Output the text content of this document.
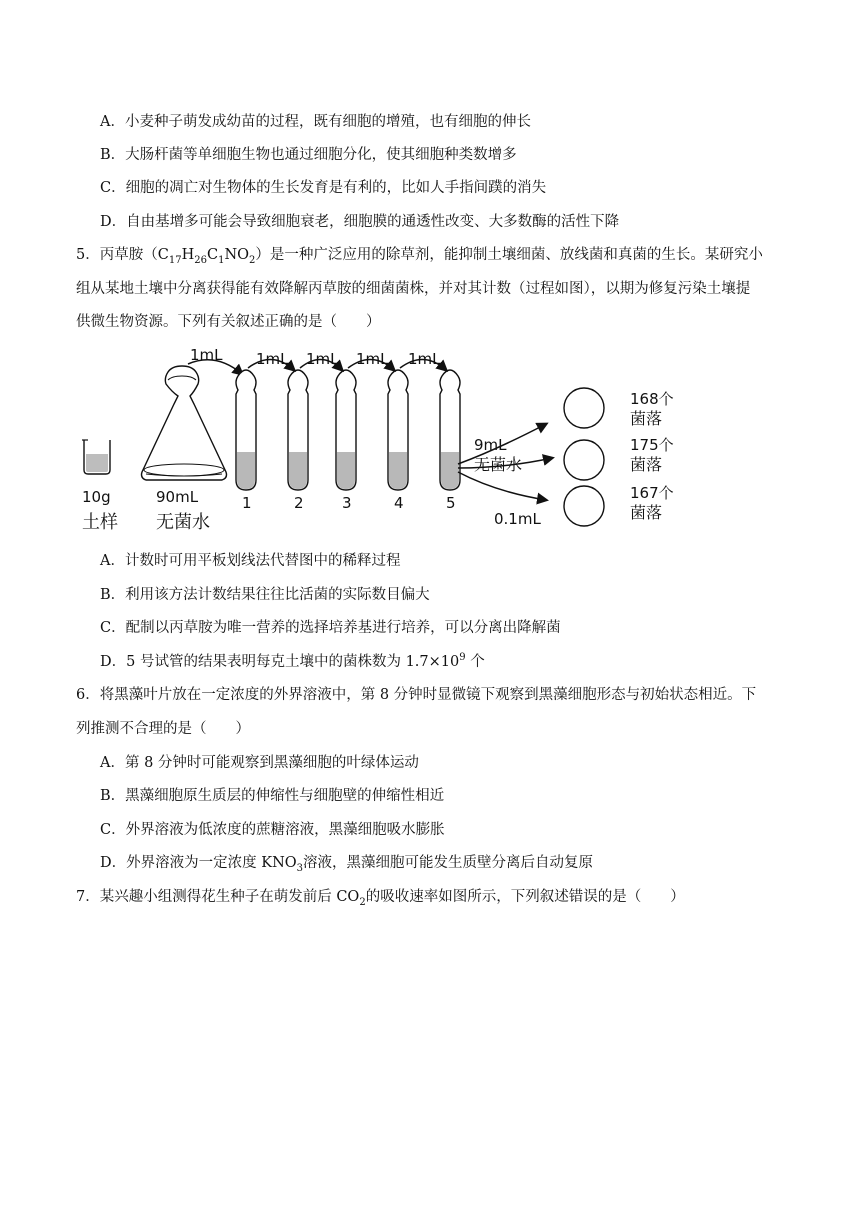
A．小麦种子萌发成幼苗的过程，既有细胞的增殖，也有细胞的伸长
B．大肠杆菌等单细胞生物也通过细胞分化，使其细胞种类数增多
C．细胞的凋亡对生物体的生长发育是有利的，比如人手指间蹼的消失
D．自由基增多可能会导致细胞衰老，细胞膜的通透性改变、大多数酶的活性下降
5．丙草胺$(C_{17}H_{26}C_1NO_2)$是一种广泛应用的除草剂，能抑制土壤细菌、放线菌和真菌的生长。某研究小
组从某地土壤中分离获得能有效降解丙草胺的细菌菌株，并对其计数（过程如图），以期为修复污染土壤提
供微生物资源。下列有关叙述正确的是（　　）
10g
土样
90mL
无菌水
1mL
9mL
无菌水
0.1mL
168个
菌落
175个
菌落
167个
菌落
1
1mL
2
1mL
3
1mL
4
1mL
5
A．计数时可用平板划线法代替图中的稀释过程
B．利用该方法计数结果往往比活菌的实际数目偏大
C．配制以丙草胺为唯一营养的选择培养基进行培养，可以分离出降解菌
D．5 号试管的结果表明每克土壤中的菌株数为 $1.7\times 10^9$ 个
6．将黑藻叶片放在一定浓度的外界溶液中，第 8 分钟时显微镜下观察到黑藻细胞形态与初始状态相近。下
列推测不合理的是（　　）
A．第 8 分钟时可能观察到黑藻细胞的叶绿体运动
B．黑藻细胞原生质层的伸缩性与细胞壁的伸缩性相近
C．外界溶液为低浓度的蔗糖溶液，黑藻细胞吸水膨胀
D．外界溶液为一定浓度 $KNO_3$溶液，黑藻细胞可能发生质壁分离后自动复原
7．某兴趣小组测得花生种子在萌发前后 $CO_2$的吸收速率如图所示，下列叙述错误的是（　　）
